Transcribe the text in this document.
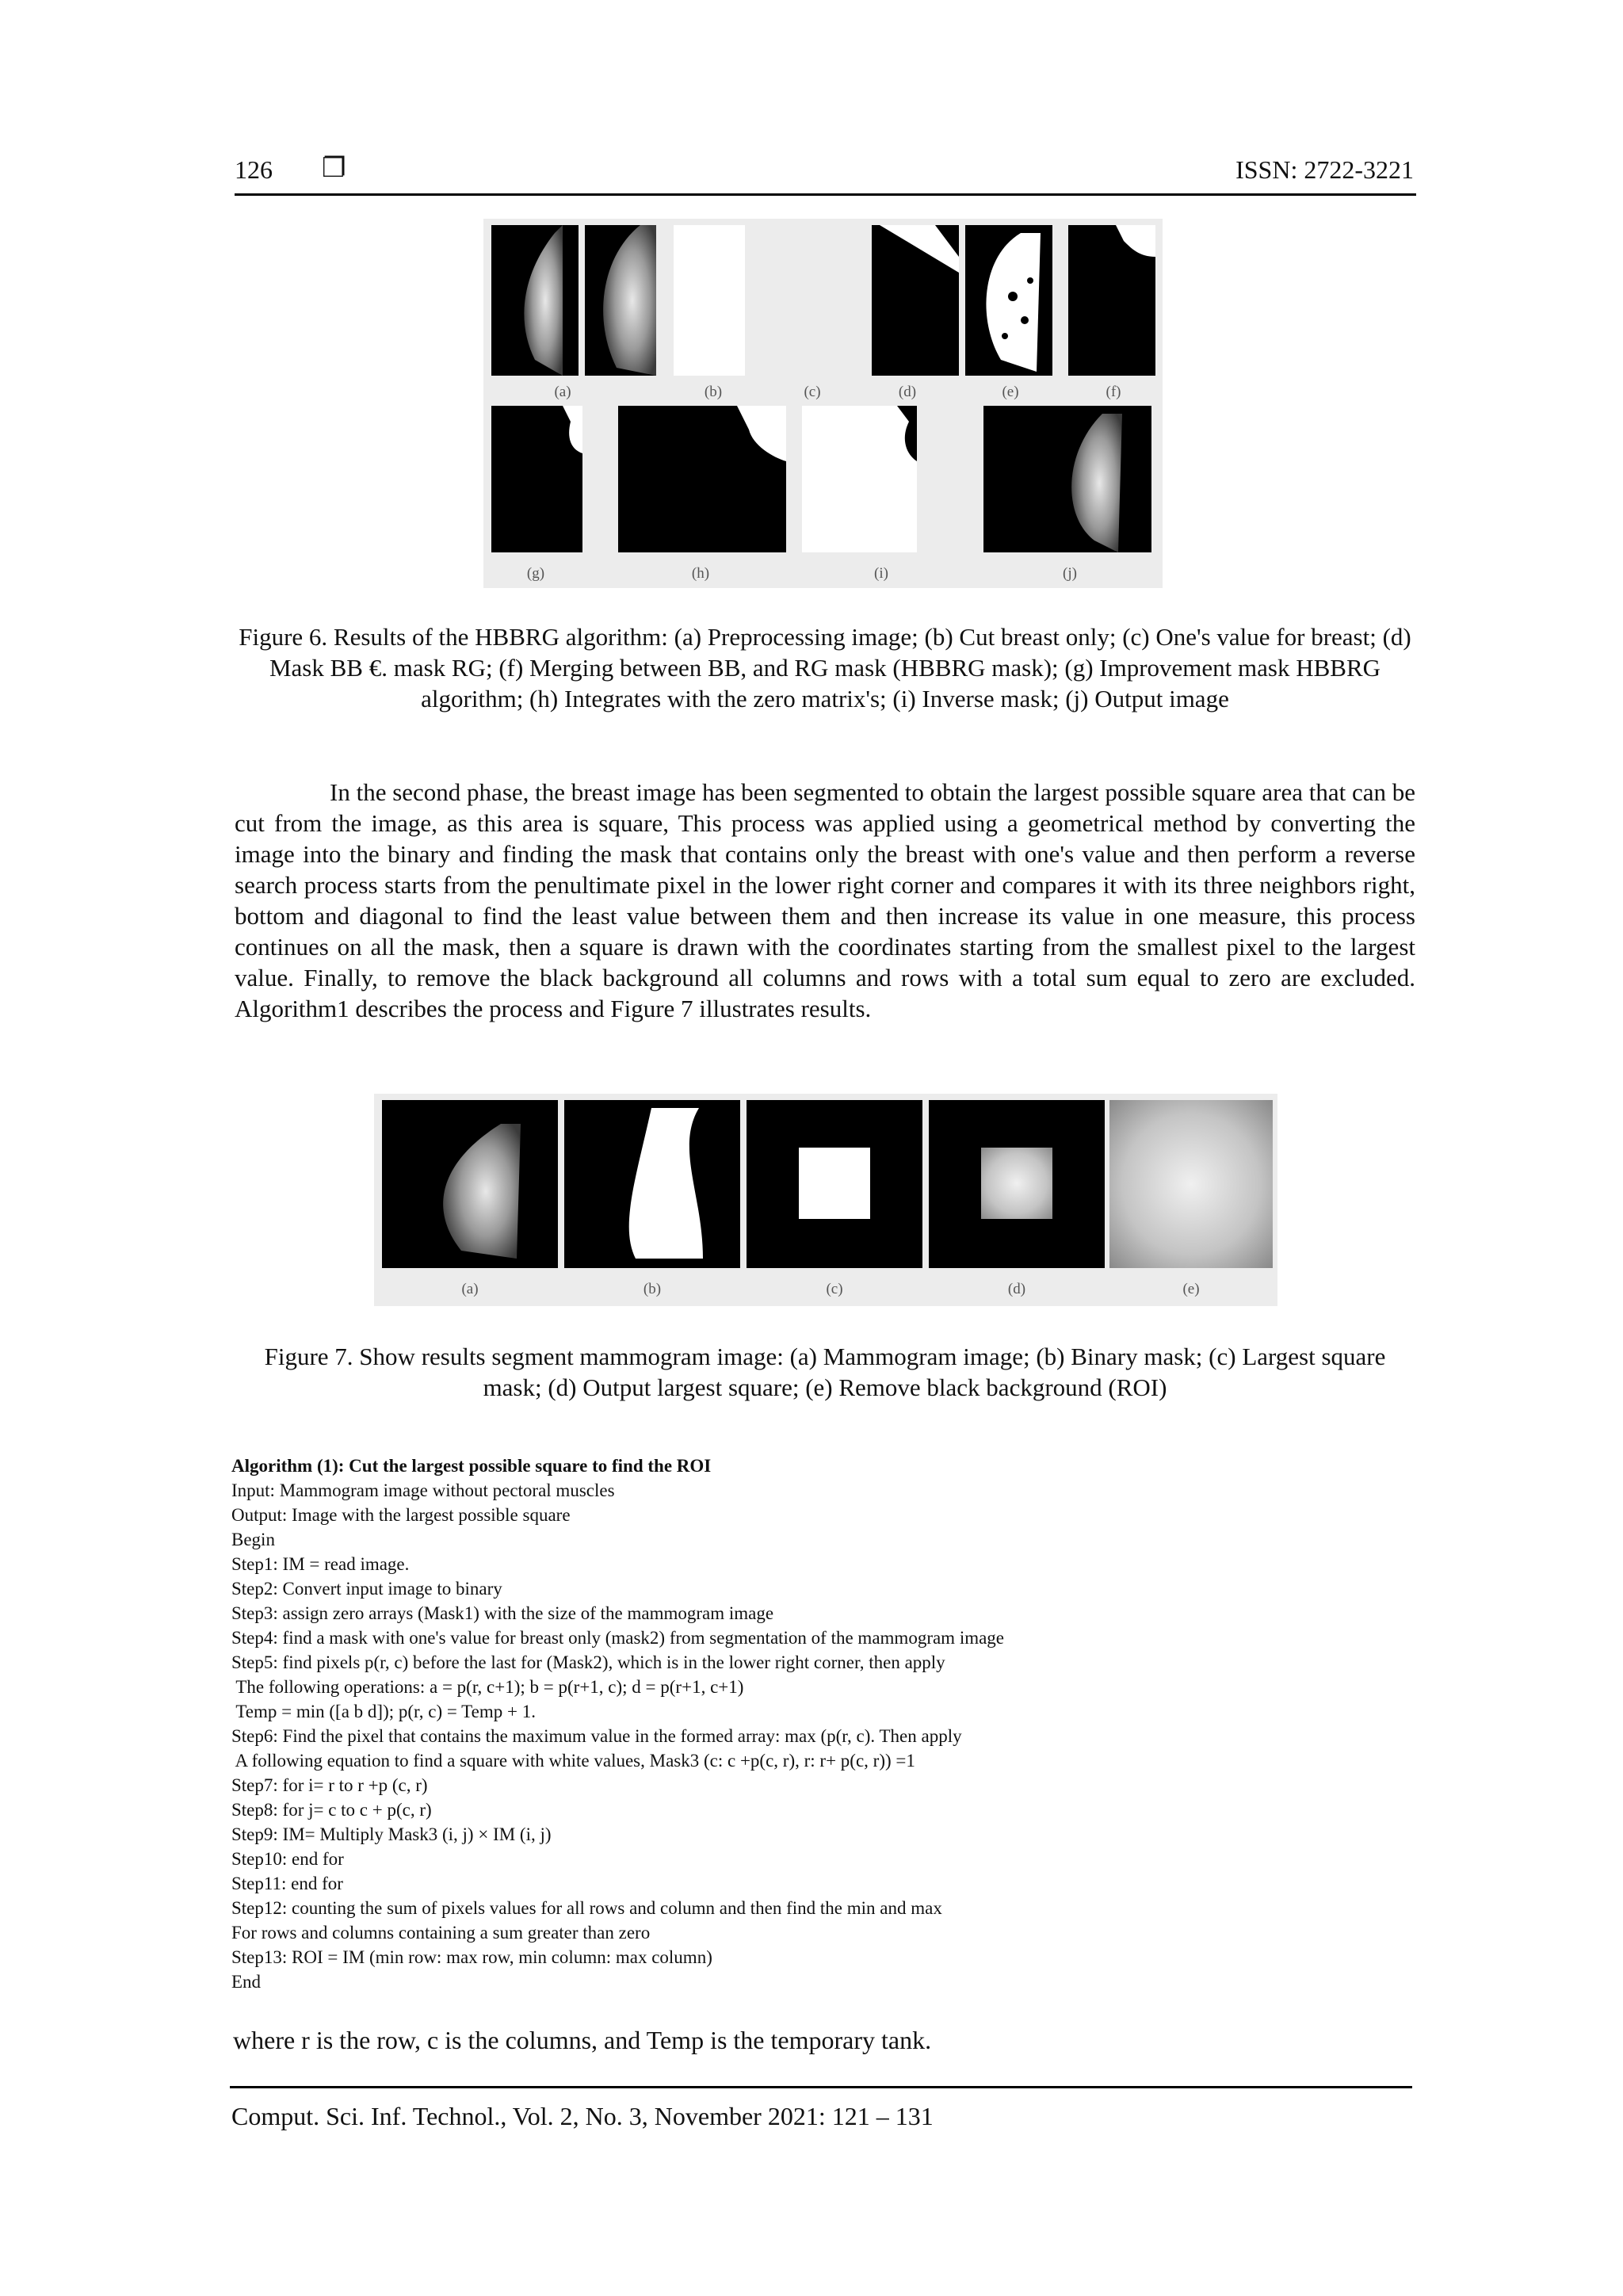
126 ❐	ISSN: 2722-3221
(a)	(b)	(c)	(d)	(e)	(f)
(g)	(h)	(i)	(j)
Figure 6. Results of the HBBRG algorithm: (a) Preprocessing image; (b) Cut breast only; (c) One's value for breast; (d) Mask BB €. mask RG; (f) Merging between BB, and RG mask (HBBRG mask); (g) Improvement mask HBBRG algorithm; (h) Integrates with the zero matrix's; (i) Inverse mask; (j) Output image
In the second phase, the breast image has been segmented to obtain the largest possible square area that can be cut from the image, as this area is square, This process was applied using a geometrical method by converting the image into the binary and finding the mask that contains only the breast with one's value and then perform a reverse search process starts from the penultimate pixel in the lower right corner and compares it with its three neighbors right, bottom and diagonal to find the least value between them and then increase its value in one measure, this process continues on all the mask, then a square is drawn with the coordinates starting from the smallest pixel to the largest value. Finally, to remove the black background all columns and rows with a total sum equal to zero are excluded. Algorithm1 describes the process and Figure 7 illustrates results.
(a)	(b)	(c)	(d)	(e)
Figure 7. Show results segment mammogram image: (a) Mammogram image; (b) Binary mask; (c) Largest square mask; (d) Output largest square; (e) Remove black background (ROI)
Algorithm (1): Cut the largest possible square to find the ROI
Input: Mammogram image without pectoral muscles
Output: Image with the largest possible square
Begin
Step1: IM = read image.
Step2: Convert input image to binary
Step3: assign zero arrays (Mask1) with the size of the mammogram image
Step4: find a mask with one's value for breast only (mask2) from segmentation of the mammogram image
Step5: find pixels p(r, c) before the last for (Mask2), which is in the lower right corner, then apply
The following operations: a = p(r, c+1); b = p(r+1, c); d = p(r+1, c+1)
Temp = min ([a b d]); p(r, c) = Temp + 1.
Step6: Find the pixel that contains the maximum value in the formed array: max (p(r, c). Then apply
A following equation to find a square with white values, Mask3 (c: c +p(c, r), r: r+ p(c, r)) =1
Step7: for i= r to r +p (c, r)
Step8: for j= c to c + p(c, r)
Step9: IM= Multiply Mask3 (i, j) × IM (i, j)
Step10: end for
Step11: end for
Step12: counting the sum of pixels values for all rows and column and then find the min and max
For rows and columns containing a sum greater than zero
Step13: ROI = IM (min row: max row, min column: max column)
End
where r is the row, c is the columns, and Temp is the temporary tank.
Comput. Sci. Inf. Technol., Vol. 2, No. 3, November 2021: 121 – 131
